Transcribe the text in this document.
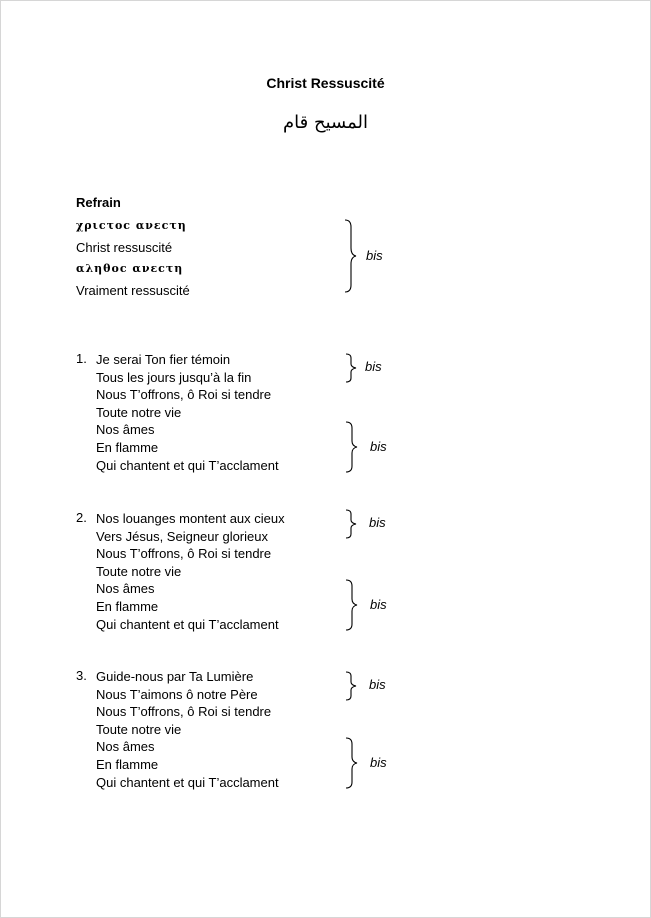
Christ Ressuscité
المسيح قام
Refrain
χριϲτοϲ ανεϲτη
Christ ressuscité
αληθοϲ ανεϲτη
Vraiment ressuscité
bis
1. Je serai Ton fier témoin
Tous les jours jusqu’à la fin
Nous T’offrons, ô Roi si tendre
Toute notre vie
Nos âmes
En flamme
Qui chantent et qui T’acclament
bis
bis
2. Nos louanges montent aux cieux
Vers Jésus, Seigneur glorieux
Nous T’offrons, ô Roi si tendre
Toute notre vie
Nos âmes
En flamme
Qui chantent et qui T’acclament
bis
bis
3. Guide-nous par Ta Lumière
Nous T’aimons ô notre Père
Nous T’offrons, ô Roi si tendre
Toute notre vie
Nos âmes
En flamme
Qui chantent et qui T’acclament
bis
bis
